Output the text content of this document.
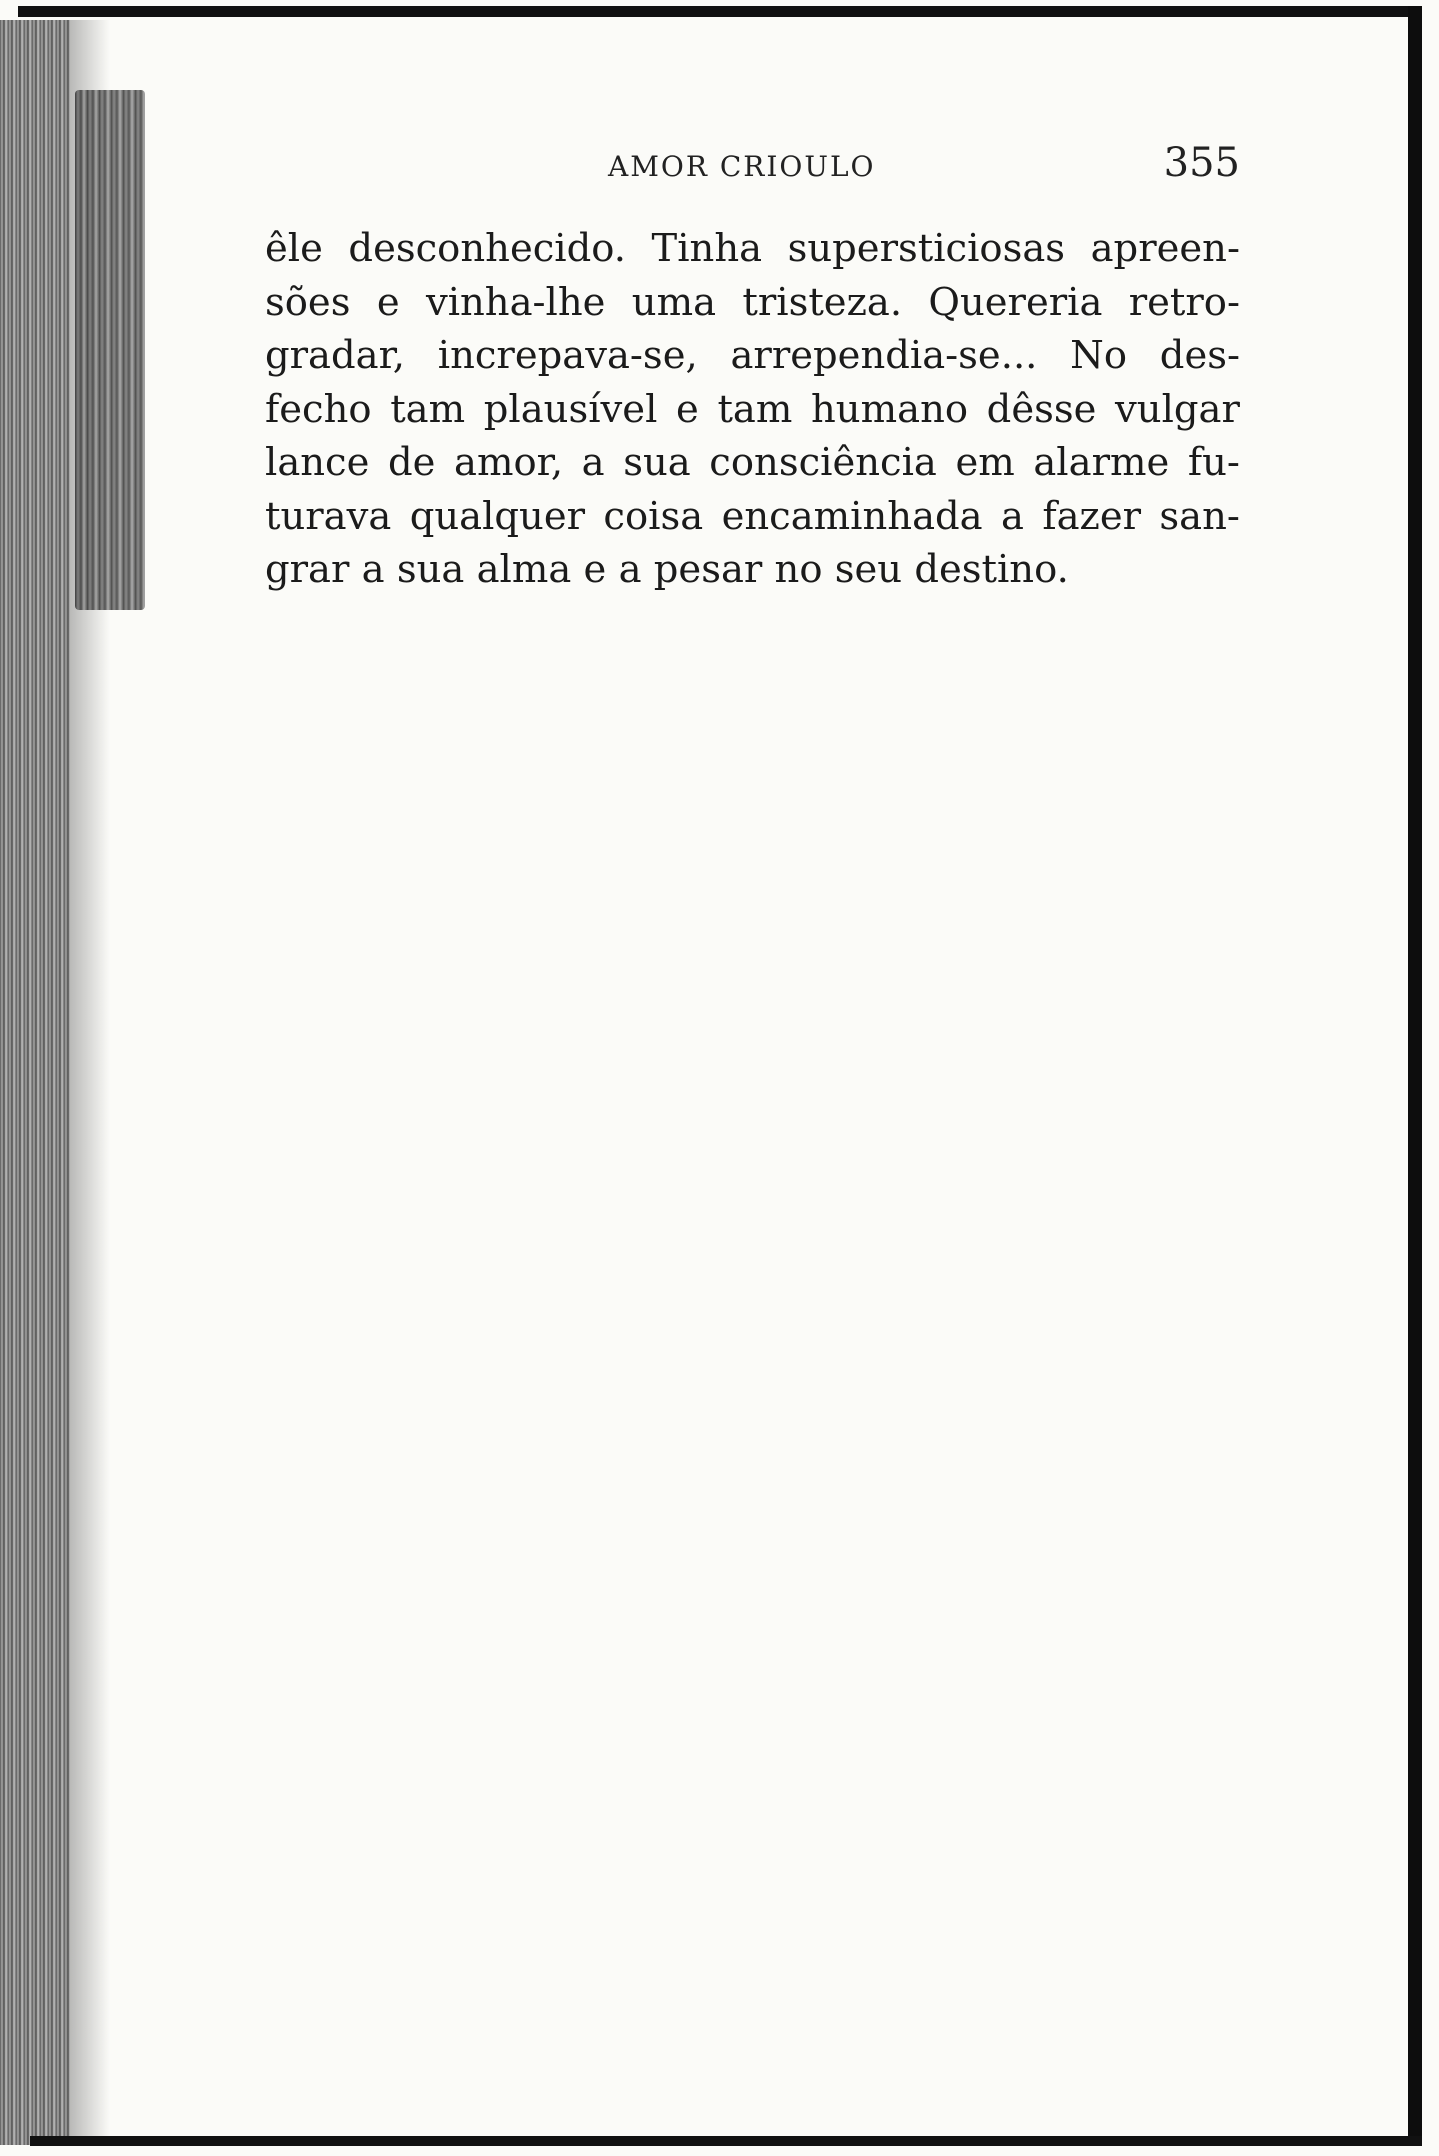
AMOR CRIOULO	355
êle desconhecido. Tinha supersticiosas apreen-
sões e vinha-lhe uma tristeza. Quereria retro-
gradar, increpava-se, arrependia-se... No des-
fecho tam plausível e tam humano dêsse vulgar
lance de amor, a sua consciência em alarme fu-
turava qualquer coisa encaminhada a fazer san-
grar a sua alma e a pesar no seu destino.
